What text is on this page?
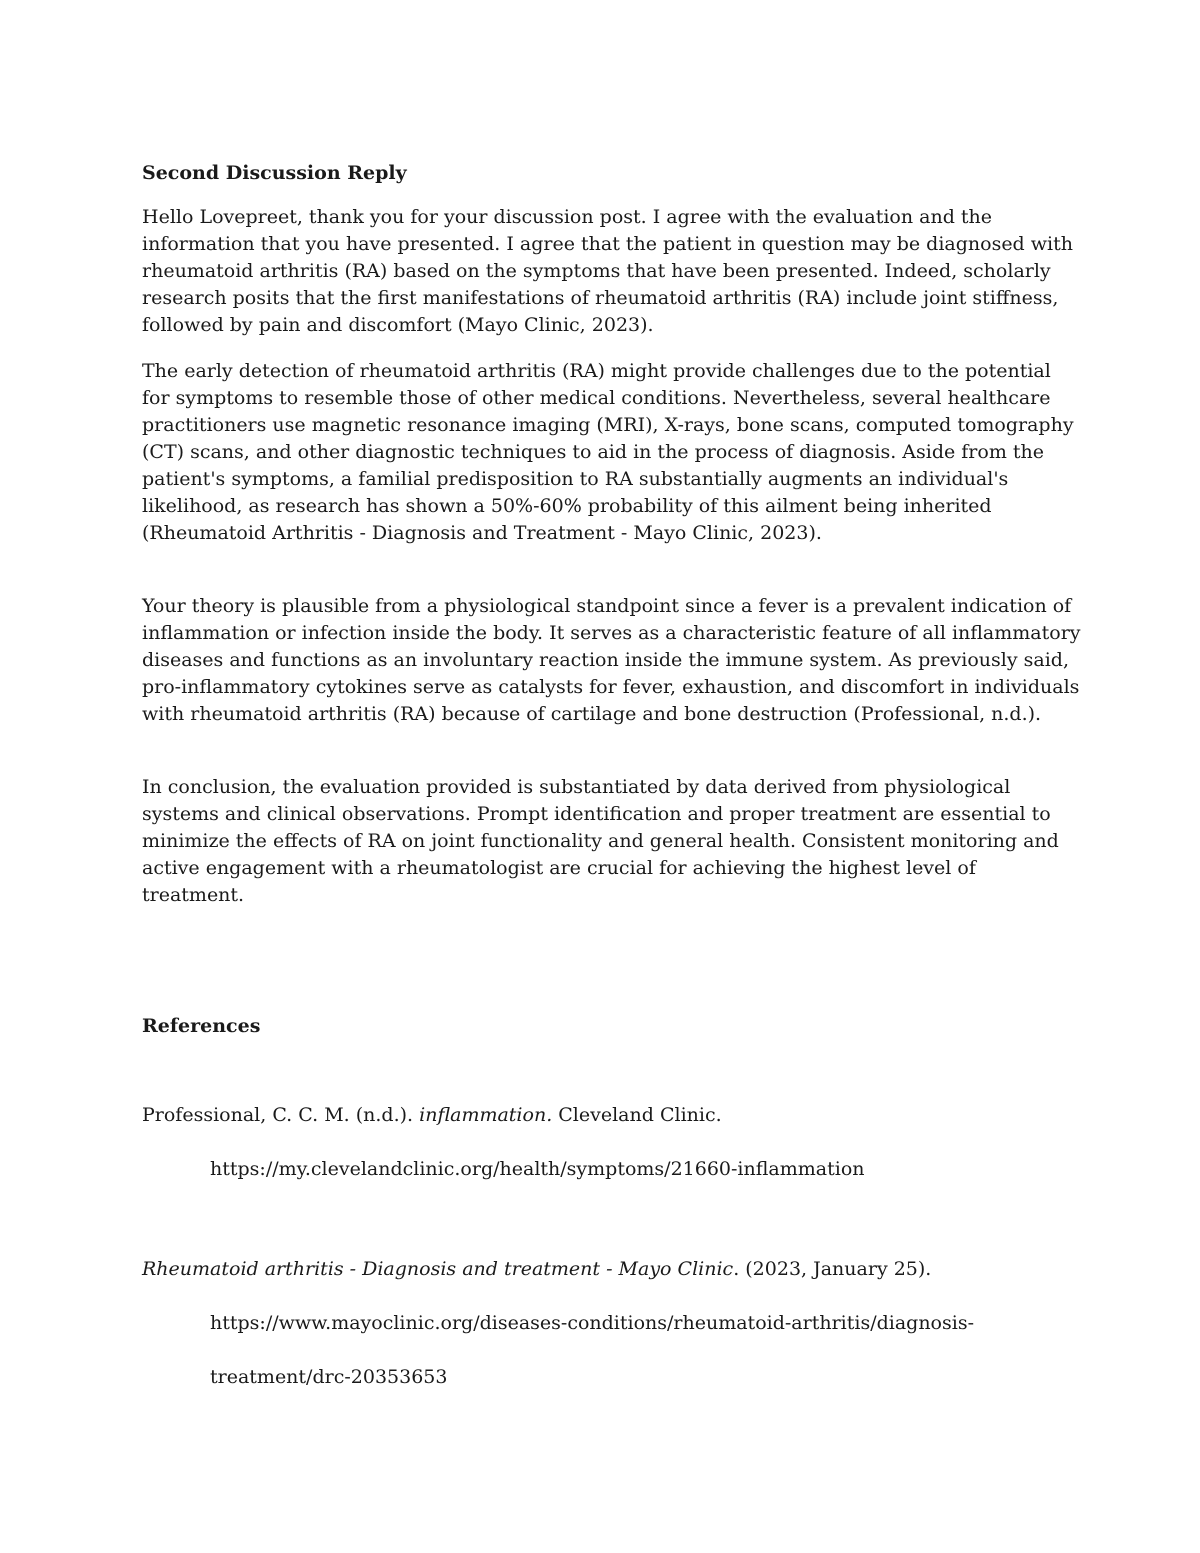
Second Discussion Reply

Hello Lovepreet, thank you for your discussion post. I agree with the evaluation and the information that you have presented. I agree that the patient in question may be diagnosed with rheumatoid arthritis (RA) based on the symptoms that have been presented. Indeed, scholarly research posits that the first manifestations of rheumatoid arthritis (RA) include joint stiffness, followed by pain and discomfort (Mayo Clinic, 2023).

The early detection of rheumatoid arthritis (RA) might provide challenges due to the potential for symptoms to resemble those of other medical conditions. Nevertheless, several healthcare practitioners use magnetic resonance imaging (MRI), X-rays, bone scans, computed tomography (CT) scans, and other diagnostic techniques to aid in the process of diagnosis. Aside from the patient's symptoms, a familial predisposition to RA substantially augments an individual's likelihood, as research has shown a 50%-60% probability of this ailment being inherited (Rheumatoid Arthritis - Diagnosis and Treatment - Mayo Clinic, 2023).

Your theory is plausible from a physiological standpoint since a fever is a prevalent indication of inflammation or infection inside the body. It serves as a characteristic feature of all inflammatory diseases and functions as an involuntary reaction inside the immune system. As previously said, pro-inflammatory cytokines serve as catalysts for fever, exhaustion, and discomfort in individuals with rheumatoid arthritis (RA) because of cartilage and bone destruction (Professional, n.d.).

In conclusion, the evaluation provided is substantiated by data derived from physiological systems and clinical observations. Prompt identification and proper treatment are essential to minimize the effects of RA on joint functionality and general health. Consistent monitoring and active engagement with a rheumatologist are crucial for achieving the highest level of treatment.

References
Professional, C. C. M. (n.d.). inflammation. Cleveland Clinic.
https://my.clevelandclinic.org/health/symptoms/21660-inflammation
Rheumatoid arthritis - Diagnosis and treatment - Mayo Clinic. (2023, January 25).
https://www.mayoclinic.org/diseases-conditions/rheumatoid-arthritis/diagnosis-
treatment/drc-20353653
